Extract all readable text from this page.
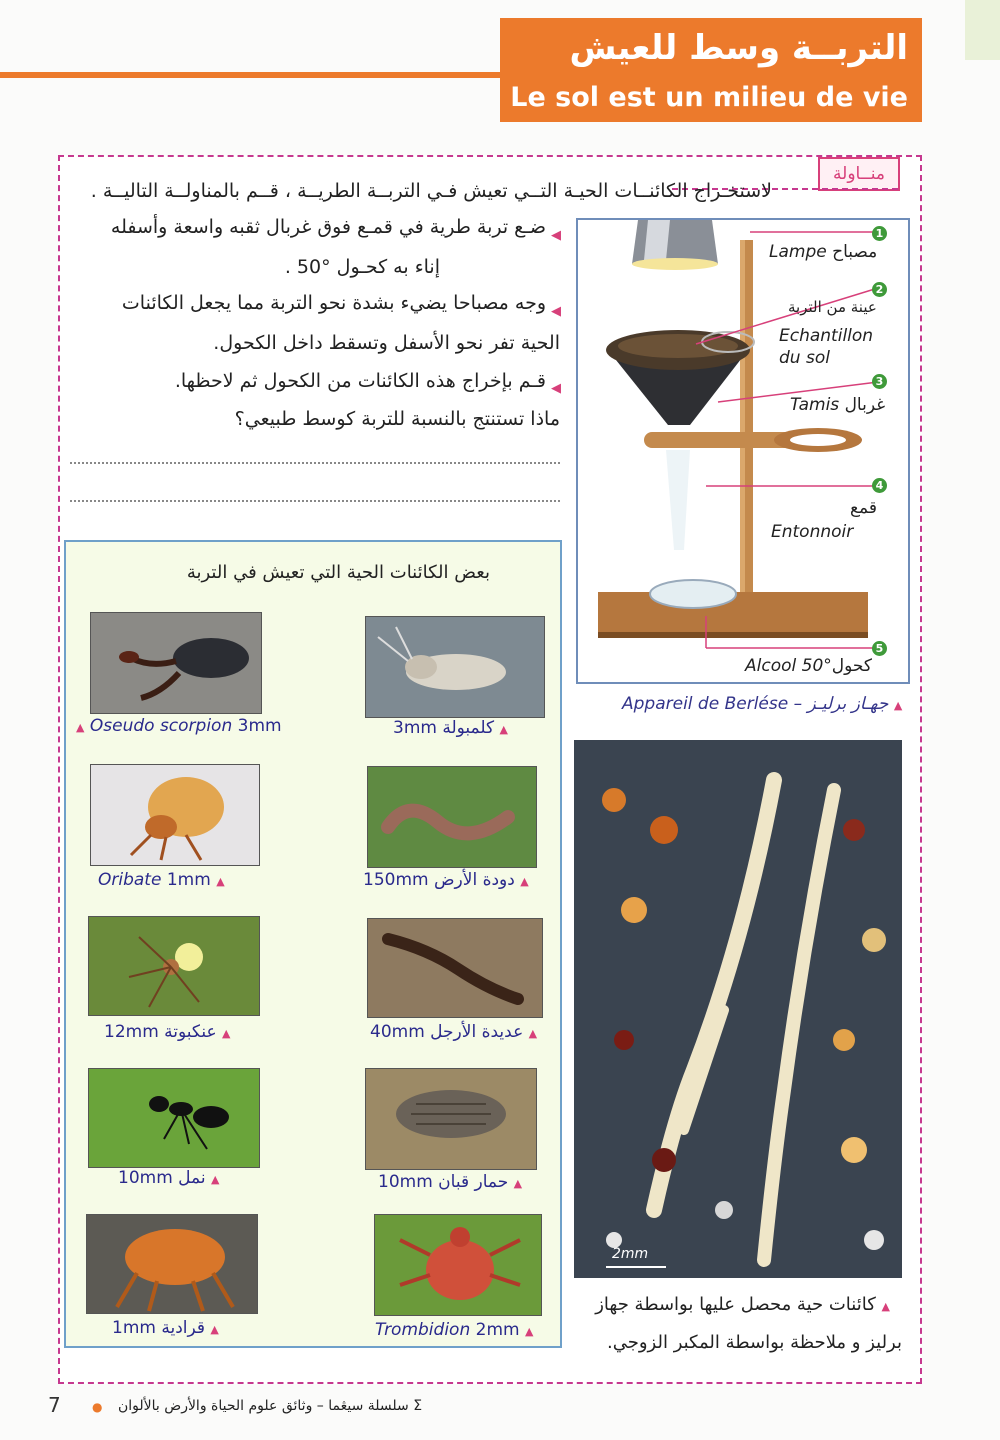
التربــة وسط للعيش
Le sol est un milieu de vie
منــاولة
لاستخـراج الكائنــات الحيـة التــي تعيش فـي التربــة الطريــة ، قــم بالمناولــة التاليــة .
◀
ضـع تربة طرية في قمـع فوق غربال ثقبه واسعة وأسفله
إناء به كحـول °50 .
◀
وجه مصباحا يضيء بشدة نحو التربة مما يجعل الكائنات
الحية تفر نحو الأسفل وتسقط داخل الكحول.
◀
قـم بإخراج هذه الكائنات من الكحول ثم لاحظها.
ماذا تستنتج بالنسبة للتربة كوسط طبيعي؟
1
Lampe مصباح
2
عينة من التربة
Echantillon
du sol
3
Tamis غربال
4
قمع
Entonnoir
5
Alcool 50°كحول
Appareil de Berlése – جهـاز برليـز ▲
بعض الكائنات الحية التي تعيش في التربة
3mm كلمبولة ▲
▲ Oseudo scorpion 3mm
150mm دودة الأرض ▲
Oribate 1mm ▲
40mm عديدة الأرجل ▲
12mm عنكبوتة ▲
10mm حمار قبان ▲
10mm نمل ▲
Trombidion 2mm ▲
1mm قرادية ▲
2mm
▲ كائنات حية محصل عليها بواسطة جهاز
برليز و ملاحظة بواسطة المكبر الزوجي.
7	● Σ سلسلة سيڠما – وثائق علوم الحياة والأرض بالألوان
